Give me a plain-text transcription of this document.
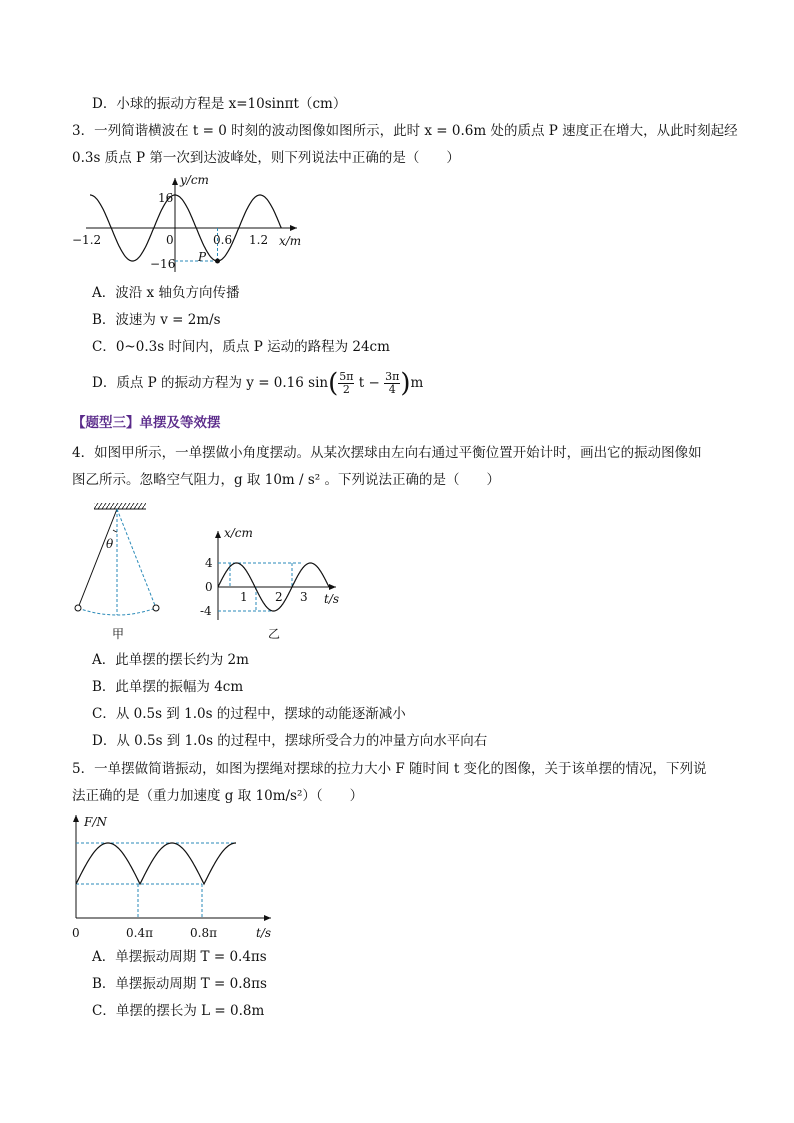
D．小球的振动方程是 x=10sinπt（cm）
3．一列简谐横波在 t = 0 时刻的波动图像如图所示，此时 x = 0.6m 处的质点 P 速度正在增大，从此时刻起经
0.3s 质点 P 第一次到达波峰处，则下列说法中正确的是（　　）
y/cm
x/m
16
−16
−1.2	0	0.6 1.2
P
A．波沿 x 轴负方向传播
B．波速为 v = 2m/s
C．0~0.3s 时间内，质点 P 运动的路程为 24cm
D．质点 P 的振动方程为 y = 0.16 $\sin( \frac{5\pi}{2}$ $t - \frac{3\pi}{4} )m$
【题型三】单摆及等效摆
4．如图甲所示，一单摆做小角度摆动。从某次摆球由左向右通过平衡位置开始计时，画出它的振动图像如
图乙所示。忽略空气阻力，g 取 10m / s² 。下列说法正确的是（　　）
θ
甲
x/cm
t/s
4
0
-4
1 2 3
乙
A．此单摆的摆长约为 2m
B．此单摆的振幅为 4cm
C．从 0.5s 到 1.0s 的过程中，摆球的动能逐渐减小
D．从 0.5s 到 1.0s 的过程中，摆球所受合力的冲量方向水平向右
5．一单摆做简谐振动，如图为摆绳对摆球的拉力大小 F 随时间 t 变化的图像，关于该单摆的情况，下列说
法正确的是（重力加速度 g 取 10m/s²）（　　）
F/N
t/s
0	0.4π	0.8π
A．单摆振动周期 T = 0.4πs
B．单摆振动周期 T = 0.8πs
C．单摆的摆长为 L = 0.8m
